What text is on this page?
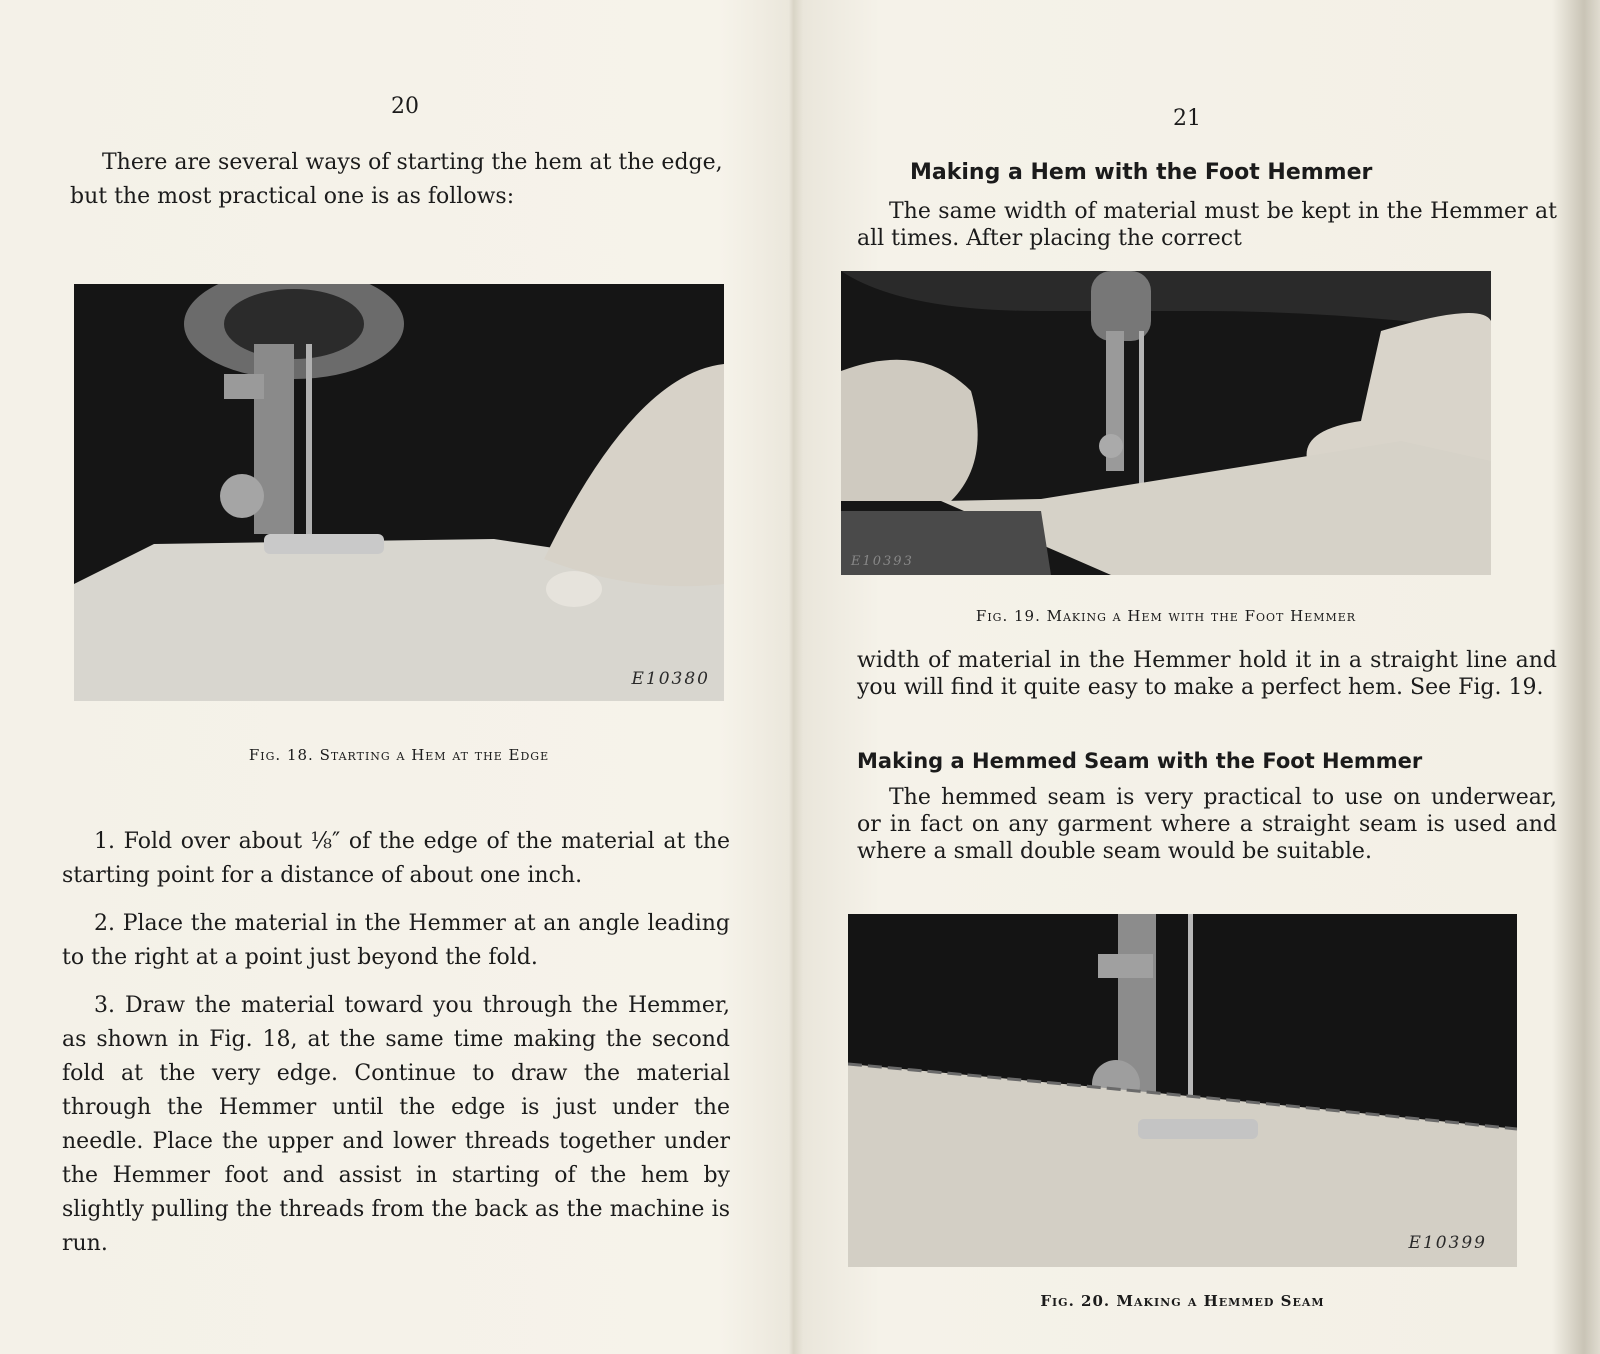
20

There are several ways of starting the hem at the edge, but the most practical one is as follows:

E10380
Fig. 18. Starting a Hem at the Edge

1. Fold over about ⅛″ of the edge of the material at the starting point for a distance of about one inch.

2. Place the material in the Hemmer at an angle leading to the right at a point just beyond the fold.

3. Draw the material toward you through the Hemmer, as shown in Fig. 18, at the same time making the second fold at the very edge. Continue to draw the material through the Hemmer until the edge is just under the needle. Place the upper and lower threads together under the Hemmer foot and assist in starting of the hem by slightly pulling the threads from the back as the machine is run.

21
Making a Hem with the Foot Hemmer

The same width of material must be kept in the Hemmer at all times. After placing the correct

E10393
Fig. 19. Making a Hem with the Foot Hemmer

width of material in the Hemmer hold it in a straight line and you will find it quite easy to make a perfect hem. See Fig. 19.

Making a Hemmed Seam with the Foot Hemmer

The hemmed seam is very practical to use on underwear, or in fact on any garment where a straight seam is used and where a small double seam would be suitable.

E10399
Fig. 20. Making a Hemmed Seam
